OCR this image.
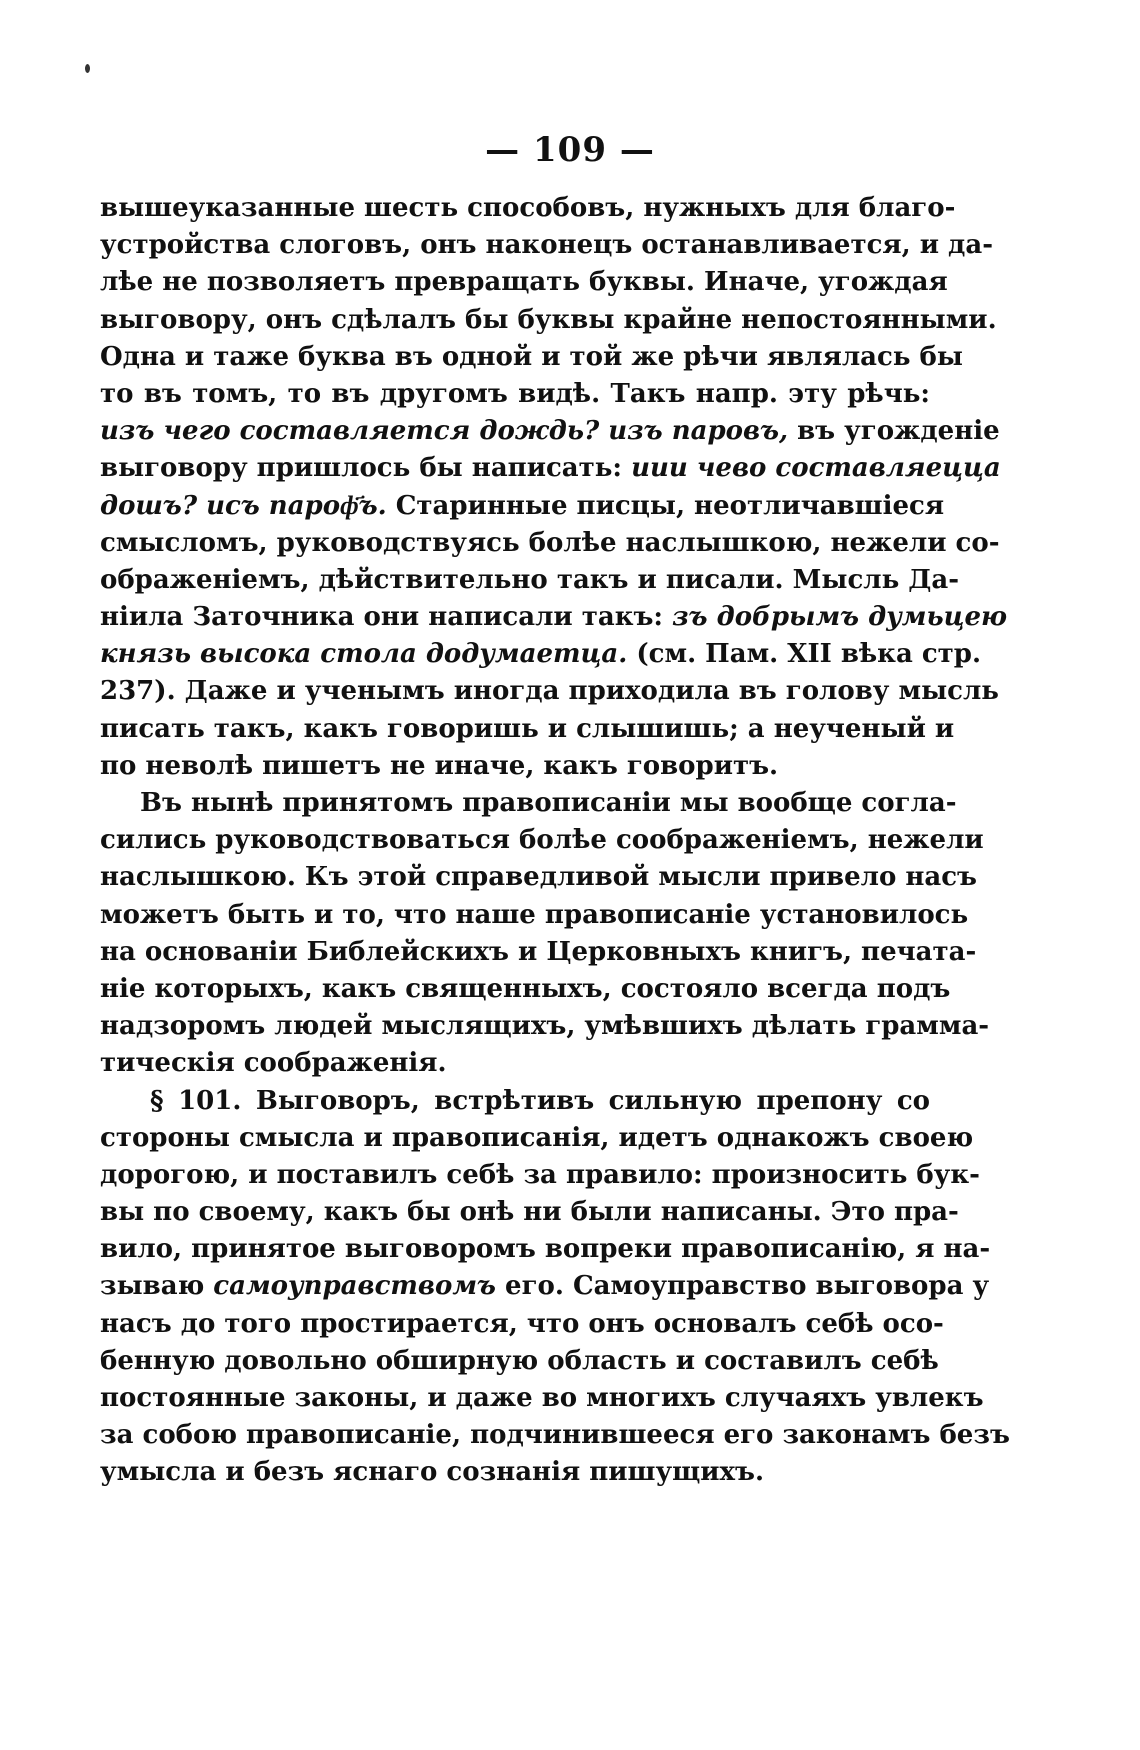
— 109 —
вышеуказанные шесть способовъ, нужныхъ для благо-
устройства слоговъ, онъ наконецъ останавливается, и да-
лѣе не позволяетъ превращать буквы. Иначе, угождая
выговору, онъ сдѣлалъ бы буквы крайне непостоянными.
Одна и таже буква въ одной и той же рѣчи являлась бы
то въ томъ, то въ другомъ видѣ. Такъ напр. эту рѣчь:
изъ чего составляется дождь? изъ паровъ, въ угожденіе
выговору пришлось бы написать: иии чево составляецца
дошъ? исъ пароф҃ъ. Старинные писцы, неотличавшіеся
смысломъ, руководствуясь болѣе наслышкою, нежели со-
ображеніемъ, дѣйствительно такъ и писали. Мысль Да-
ніила Заточника они написали такъ: зъ добрымъ думьцею
князь высока стола додумаетца. (см. Пам. XII вѣка стр.
237). Даже и ученымъ иногда приходила въ голову мысль
писать такъ, какъ говоришь и слышишь; а неученый и
по неволѣ пишетъ не иначе, какъ говоритъ.
Въ нынѣ принятомъ правописаніи мы вообще согла-
сились руководствоваться болѣе соображеніемъ, нежели
наслышкою. Къ этой справедливой мысли привело насъ
можетъ быть и то, что наше правописаніе установилось
на основаніи Библейскихъ и Церковныхъ книгъ, печата-
ніе которыхъ, какъ священныхъ, состояло всегда подъ
надзоромъ людей мыслящихъ, умѣвшихъ дѣлать грамма-
тическія соображенія.
§ 101. Выговоръ, встрѣтивъ сильную препону со
стороны смысла и правописанія, идетъ однакожъ своею
дорогою, и поставилъ себѣ за правило: произносить бук-
вы по своему, какъ бы онѣ ни были написаны. Это пра-
вило, принятое выговоромъ вопреки правописанію, я на-
зываю самоуправствомъ его. Самоуправство выговора у
насъ до того простирается, что онъ основалъ себѣ осо-
бенную довольно обширную область и составилъ себѣ
постоянные законы, и даже во многихъ случаяхъ увлекъ
за собою правописаніе, подчинившееся его законамъ безъ
умысла и безъ яснаго сознанія пишущихъ.
